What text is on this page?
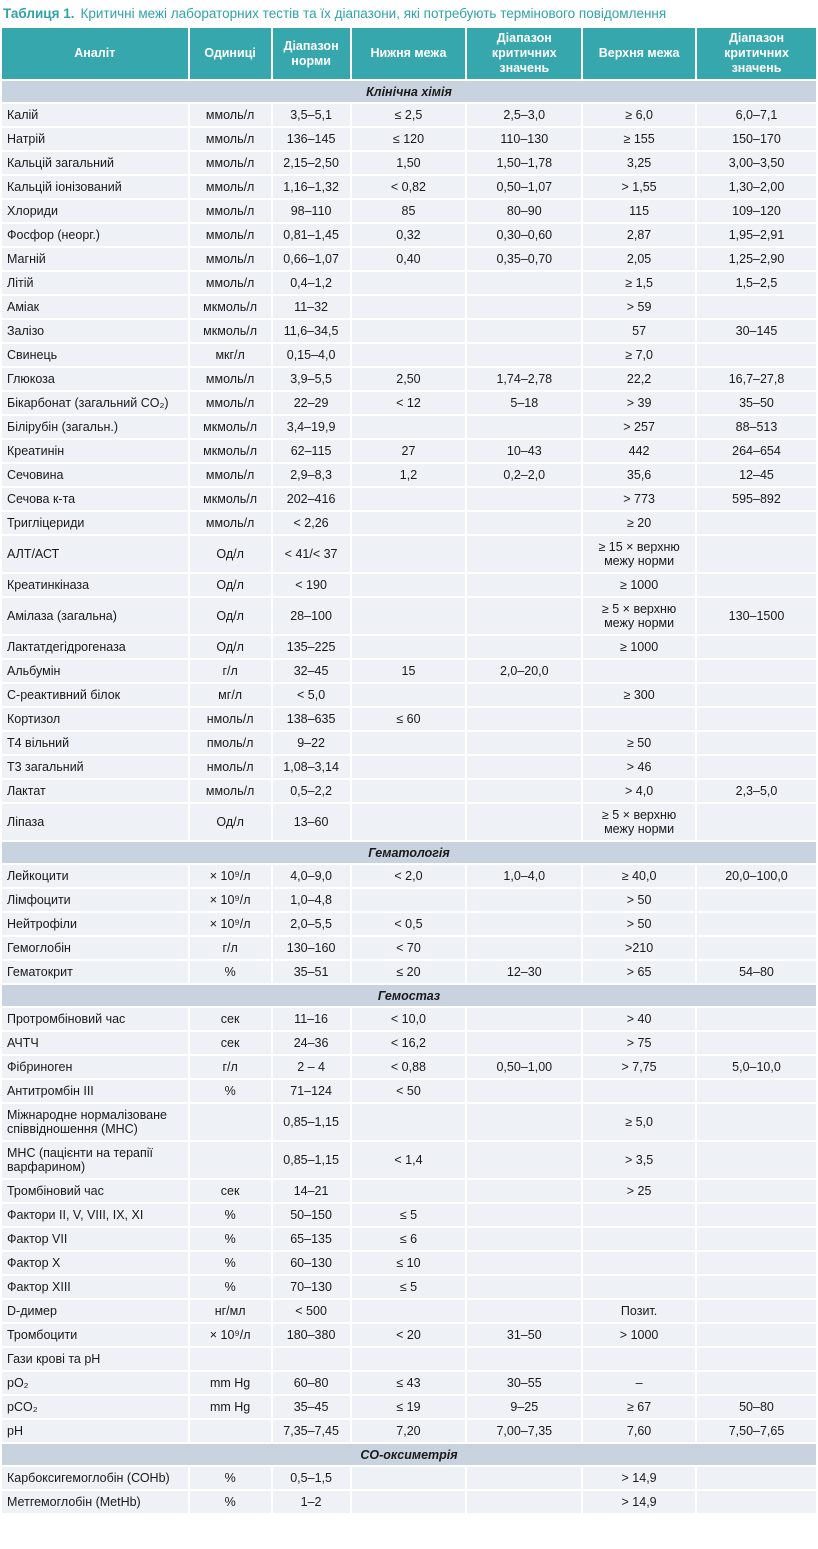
Таблиця 1. Критичні межі лабораторних тестів та їх діапазони, які потребують термінового повідомлення
Аналіт	Одиниці	Діапазон норми	Нижня межа	Діапазон критичних значень	Верхня межа	Діапазон критичних значень
Клінічна хімія						
Калій	ммоль/л	3,5–5,1	≤ 2,5	2,5–3,0	≥ 6,0	6,0–7,1
Натрій	ммоль/л	136–145	≤ 120	110–130	≥ 155	150–170
Кальцій загальний	ммоль/л	2,15–2,50	1,50	1,50–1,78	3,25	3,00–3,50
Кальцій іонізований	ммоль/л	1,16–1,32	< 0,82	0,50–1,07	> 1,55	1,30–2,00
Хлориди	ммоль/л	98–110	85	80–90	115	109–120
Фосфор (неорг.)	ммоль/л	0,81–1,45	0,32	0,30–0,60	2,87	1,95–2,91
Магній	ммоль/л	0,66–1,07	0,40	0,35–0,70	2,05	1,25–2,90
Літій	ммоль/л	0,4–1,2			≥ 1,5	1,5–2,5
Аміак	мкмоль/л	11–32			> 59	
Залізо	мкмоль/л	11,6–34,5			57	30–145
Свинець	мкг/л	0,15–4,0			≥ 7,0	
Глюкоза	ммоль/л	3,9–5,5	2,50	1,74–2,78	22,2	16,7–27,8
Бікарбонат (загальний CO₂)	ммоль/л	22–29	< 12	5–18	> 39	35–50
Білірубін (загальн.)	мкмоль/л	3,4–19,9			> 257	88–513
Креатинін	мкмоль/л	62–115	27	10–43	442	264–654
Сечовина	ммоль/л	2,9–8,3	1,2	0,2–2,0	35,6	12–45
Сечова к-та	мкмоль/л	202–416			> 773	595–892
Тригліцериди	ммоль/л	< 2,26			≥ 20	
АЛТ/АСТ	Од/л	< 41/< 37			≥ 15 × верхню межу норми	
Креатинкіназа	Од/л	< 190			≥ 1000	
Амілаза (загальна)	Од/л	28–100			≥ 5 × верхню межу норми	130–1500
Лактатдегідрогеназа	Од/л	135–225			≥ 1000	
Альбумін	г/л	32–45	15	2,0–20,0		
С-реактивний білок	мг/л	< 5,0			≥ 300	
Кортизол	нмоль/л	138–635	≤ 60			
Т4 вільний	пмоль/л	9–22			≥ 50	
Т3 загальний	нмоль/л	1,08–3,14			> 46	
Лактат	ммоль/л	0,5–2,2			> 4,0	2,3–5,0
Ліпаза	Од/л	13–60			≥ 5 × верхню межу норми	
Гематологія						
Лейкоцити	× 10⁹/л	4,0–9,0	< 2,0	1,0–4,0	≥ 40,0	20,0–100,0
Лімфоцити	× 10⁹/л	1,0–4,8			> 50	
Нейтрофіли	× 10⁹/л	2,0–5,5	< 0,5		> 50	
Гемоглобін	г/л	130–160	< 70		>210	
Гематокрит	%	35–51	≤ 20	12–30	> 65	54–80
Гемостаз						
Протромбіновий час	сек	11–16	< 10,0		> 40	
АЧТЧ	сек	24–36	< 16,2		> 75	
Фібриноген	г/л	2 – 4	< 0,88	0,50–1,00	> 7,75	5,0–10,0
Антитромбін III	%	71–124	< 50			
Міжнародне нормалізоване співвідношення (МНС)		0,85–1,15			≥ 5,0	
МНС (пацієнти на терапії варфарином)		0,85–1,15	< 1,4		> 3,5	
Тромбіновий час	сек	14–21			> 25	
Фактори II, V, VIII, IX, XI	%	50–150	≤ 5			
Фактор VII	%	65–135	≤ 6			
Фактор X	%	60–130	≤ 10			
Фактор XIII	%	70–130	≤ 5			
D-димер	нг/мл	< 500			Позит.	
Тромбоцити	× 10⁹/л	180–380	< 20	31–50	> 1000	
Гази крові та рН						
pO₂	mm Hg	60–80	≤ 43	30–55	–	
pCO₂	mm Hg	35–45	≤ 19	9–25	≥ 67	50–80
pH		7,35–7,45	7,20	7,00–7,35	7,60	7,50–7,65
СО-оксиметрія						
Карбоксигемоглобін (СОНb)	%	0,5–1,5			> 14,9	
Метгемоглобін (MetHb)	%	1–2			> 14,9	
